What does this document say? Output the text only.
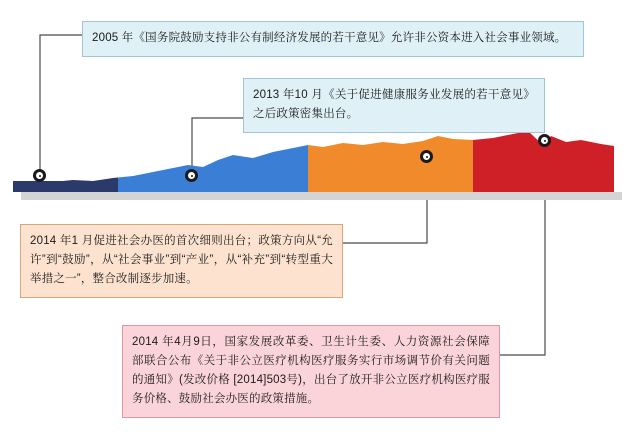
2005 年《国务院鼓励支持非公有制经济发展的若干意见》允许非公资本进入社会事业领域。
2013 年10 月《关于促进健康服务业发展的若干意见》之后政策密集出台。
2014 年1 月促进社会办医的首次细则出台；政策方向从“允许”到“鼓励”，从“社会事业”到“产业”，从“补充”到“转型重大举措之一”，整合改制逐步加速。
2014 年4月9日，国家发展改革委、卫生计生委、人力资源社会保障部联合公布《关于非公立医疗机构医疗服务实行市场调节价有关问题的通知》(发改价格 [2014]503号)，出台了放开非公立医疗机构医疗服务价格、鼓励社会办医的政策措施。
